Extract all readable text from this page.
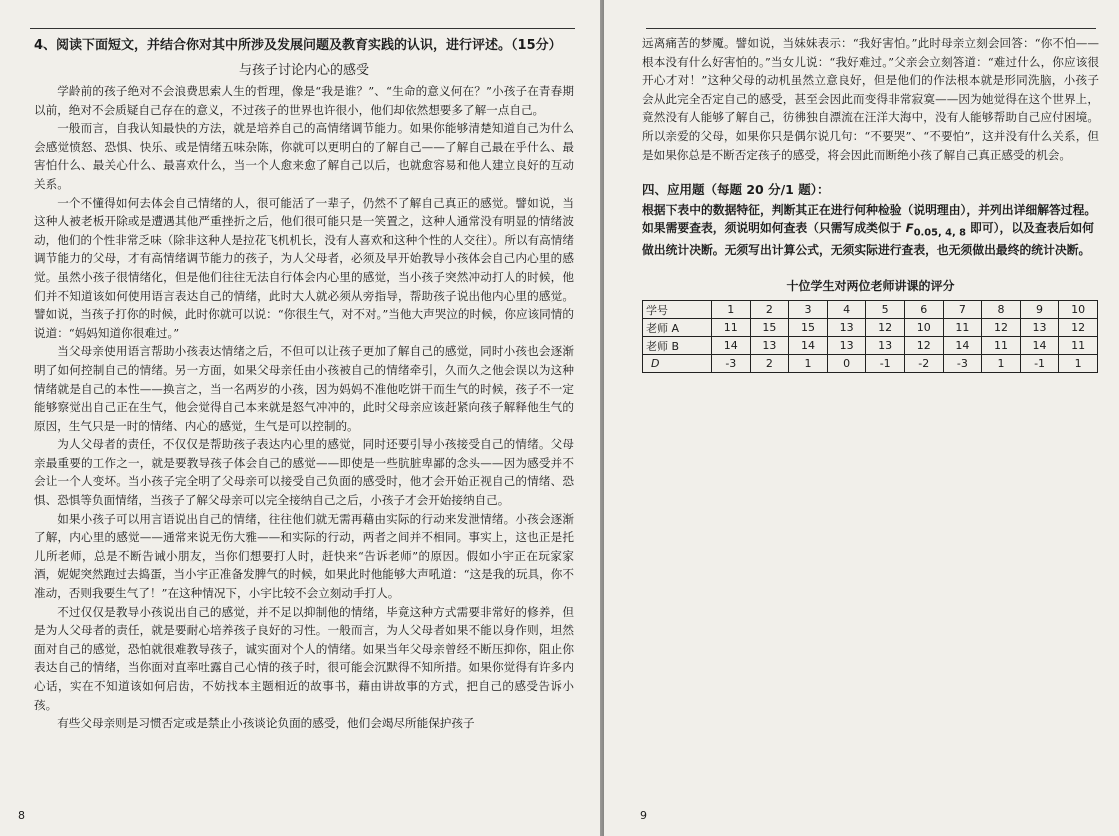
4、阅读下面短文，并结合你对其中所涉及发展问题及教育实践的认识，进行评述。（15分）
与孩子讨论内心的感受

学龄前的孩子绝对不会浪费思索人生的哲理，像是“我是谁？”、“生命的意义何在？”小孩子在青春期以前，绝对不会质疑自己存在的意义，不过孩子的世界也许很小，他们却依然想要多了解一点自己。

一般而言，自我认知最快的方法，就是培养自己的高情绪调节能力。如果你能够清楚知道自己为什么会感觉愤怒、恐惧、快乐、或是情绪五味杂陈，你就可以更明白的了解自己——了解自己最在乎什么、最害怕什么、最关心什么、最喜欢什么，当一个人愈来愈了解自己以后，也就愈容易和他人建立良好的互动关系。

一个不懂得如何去体会自己情绪的人，很可能活了一辈子，仍然不了解自己真正的感觉。譬如说，当这种人被老板开除或是遭遇其他严重挫折之后，他们很可能只是一笑置之，这种人通常没有明显的情绪波动，他们的个性非常乏味（除非这种人是拉花飞机机长，没有人喜欢和这种个性的人交往）。所以有高情绪调节能力的父母，才有高情绪调节能力的孩子，为人父母者，必须及早开始教导小孩体会自己内心里的感觉。虽然小孩子很情绪化，但是他们往往无法自行体会内心里的感觉，当小孩子突然冲动打人的时候，他们并不知道该如何使用语言表达自己的情绪，此时大人就必须从旁指导，帮助孩子说出他内心里的感觉。譬如说，当孩子打你的时候，此时你就可以说：“你很生气，对不对。”当他大声哭泣的时候，你应该同情的说道：“妈妈知道你很难过。”

当父母亲使用语言帮助小孩表达情绪之后，不但可以让孩子更加了解自己的感觉，同时小孩也会逐渐明了如何控制自己的情绪。另一方面，如果父母亲任由小孩被自己的情绪牵引，久而久之他会误以为这种情绪就是自己的本性——换言之，当一名两岁的小孩，因为妈妈不准他吃饼干而生气的时候，孩子不一定能够察觉出自己正在生气，他会觉得自己本来就是怒气冲冲的，此时父母亲应该赶紧向孩子解释他生气的原因，生气只是一时的情绪、内心的感觉，生气是可以控制的。

为人父母者的责任，不仅仅是帮助孩子表达内心里的感觉，同时还要引导小孩接受自己的情绪。父母亲最重要的工作之一，就是要教导孩子体会自己的感觉——即使是一些肮脏卑鄙的念头——因为感受并不会让一个人变坏。当小孩子完全明了父母亲可以接受自己负面的感受时，他才会开始正视自己的情绪、恐惧、恐惧等负面情绪，当孩子了解父母亲可以完全接纳自己之后，小孩子才会开始接纳自己。

如果小孩子可以用言语说出自己的情绪，往往他们就无需再藉由实际的行动来发泄情绪。小孩会逐渐了解，内心里的感觉——通常来说无伤大雅——和实际的行动，两者之间并不相同。事实上，这也正是托儿所老师，总是不断告诫小朋友，当你们想要打人时，赶快来“告诉老师”的原因。假如小宇正在玩家家酒，妮妮突然跑过去捣蛋，当小宇正准备发脾气的时候，如果此时他能够大声吼道：“这是我的玩具，你不准动，否则我要生气了！”在这种情况下，小宇比较不会立刻动手打人。

不过仅仅是教导小孩说出自己的感觉，并不足以抑制他的情绪，毕竟这种方式需要非常好的修养，但是为人父母者的责任，就是要耐心培养孩子良好的习性。一般而言，为人父母者如果不能以身作则，坦然面对自己的感觉，恐怕就很难教导孩子，诚实面对个人的情绪。如果当年父母亲曾经不断压抑你，阻止你表达自己的情绪，当你面对直率吐露自己心情的孩子时，很可能会沉默得不知所措。如果你觉得有许多内心话，实在不知道该如何启齿，不妨找本主题相近的故事书，藉由讲故事的方式，把自己的感受告诉小孩。

有些父母亲则是习惯否定或是禁止小孩谈论负面的感受，他们会竭尽所能保护孩子

远离痛苦的梦魇。譬如说，当妹妹表示：“我好害怕。”此时母亲立刻会回答：“你不怕——根本没有什么好害怕的。”当女儿说：“我好难过。”父亲会立刻答道：“难过什么，你应该很开心才对！”这种父母的动机虽然立意良好，但是他们的作法根本就是形同洗脑，小孩子会从此完全否定自己的感受，甚至会因此而变得非常寂寞——因为她觉得在这个世界上，竟然没有人能够了解自己，彷彿独自漂流在汪洋大海中，没有人能够帮助自己应付困境。所以亲爱的父母，如果你只是偶尔说几句：“不要哭”、“不要怕”，这并没有什么关系，但是如果你总是不断否定孩子的感受，将会因此而断绝小孩了解自己真正感受的机会。

四、应用题（每题 20 分/1 题）：

根据下表中的数据特征，判断其正在进行何种检验（说明理由），并列出详细解答过程。如果需要查表，须说明如何查表（只需写成类似于 $F_{0.05, 4, 8}$ 即可），以及查表后如何做出统计决断。无须写出计算公式，无须实际进行查表，也无须做出最终的统计决断。

十位学生对两位老师讲课的评分
学号	1	2	3	4	5	6	7	8	9	10
老师 A	11	15	15	13	12	10	11	12	13	12
老师 B	14	13	14	13	13	12	14	11	14	11
D	-3	2	1	0	-1	-2	-3	1	-1	1
8	9
